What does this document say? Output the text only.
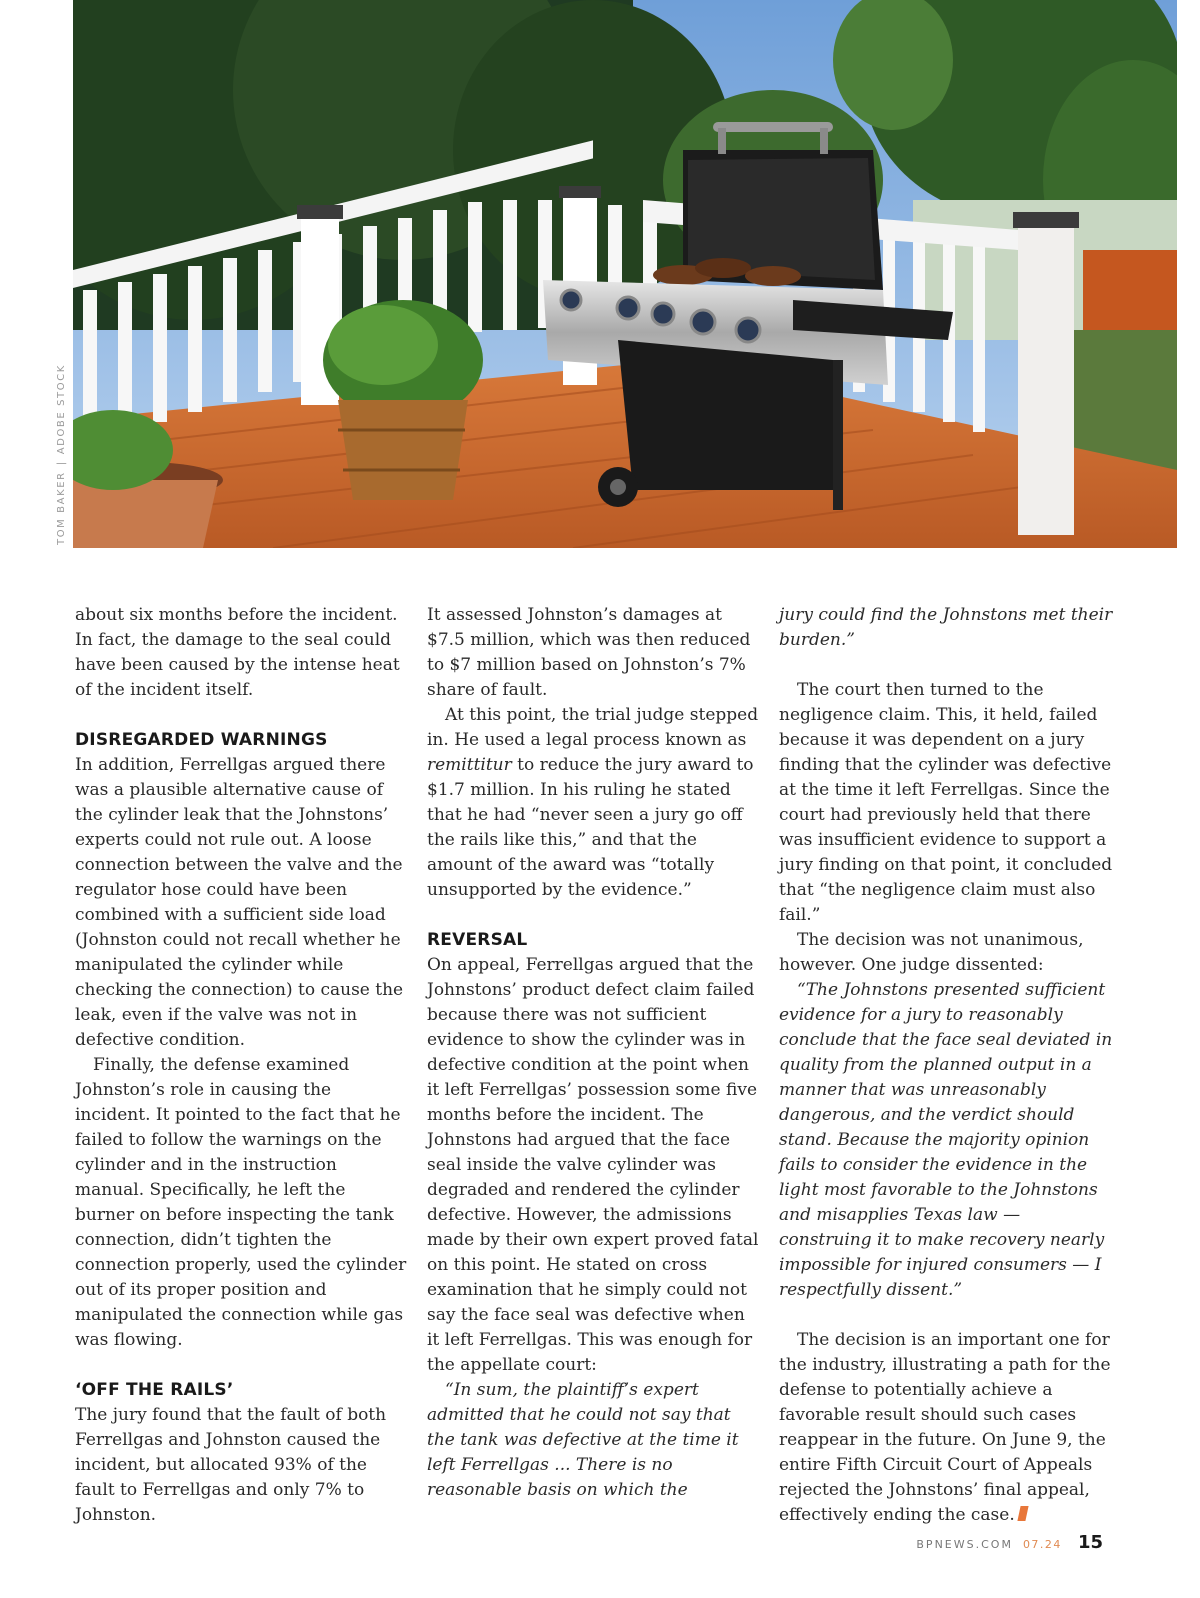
TOM BAKER|ADOBE STOCK

about six months before the incident. In fact, the damage to the seal could have been caused by the intense heat of the incident itself.

DISREGARDED WARNINGS

In addition, Ferrellgas argued there was a plausible alternative cause of the cylinder leak that the Johnstons’ experts could not rule out. A loose connection between the valve and the regulator hose could have been combined with a sufficient side load (Johnston could not recall whether he manipulated the cylinder while checking the connection) to cause the leak, even if the valve was not in defective condition.

Finally, the defense examined Johnston’s role in causing the incident. It pointed to the fact that he failed to follow the warnings on the cylinder and in the instruction manual. Specifically, he left the burner on before inspecting the tank connection, didn’t tighten the connection properly, used the cylinder out of its proper position and manipulated the connection while gas was flowing.

‘OFF THE RAILS’

The jury found that the fault of both Ferrellgas and Johnston caused the incident, but allocated 93% of the fault to Ferrellgas and only 7% to Johnston.

It assessed Johnston’s damages at $7.5 million, which was then reduced to $7 million based on Johnston’s 7% share of fault.

At this point, the trial judge stepped in. He used a legal process known as remittitur to reduce the jury award to $1.7 million. In his ruling he stated that he had “never seen a jury go off the rails like this,” and that the amount of the award was “totally unsupported by the evidence.”

REVERSAL

On appeal, Ferrellgas argued that the Johnstons’ product defect claim failed because there was not sufficient evidence to show the cylinder was in defective condition at the point when it left Ferrellgas’ possession some five months before the incident. The Johnstons had argued that the face seal inside the valve cylinder was degraded and rendered the cylinder defective. However, the admissions made by their own expert proved fatal on this point. He stated on cross examination that he simply could not say the face seal was defective when it left Ferrellgas. This was enough for the appellate court:

“In sum, the plaintiff’s expert admitted that he could not say that the tank was defective at the time it left Ferrellgas ... There is no reasonable basis on which the

jury could find the Johnstons met their burden.”

The court then turned to the negligence claim. This, it held, failed because it was dependent on a jury finding that the cylinder was defective at the time it left Ferrellgas. Since the court had previously held that there was insufficient evidence to support a jury finding on that point, it concluded that “the negligence claim must also fail.”

The decision was not unanimous, however. One judge dissented:

“The Johnstons presented sufficient evidence for a jury to reasonably conclude that the face seal deviated in quality from the planned output in a manner that was unreasonably dangerous, and the verdict should stand. Because the majority opinion fails to consider the evidence in the light most favorable to the Johnstons and misapplies Texas law — construing it to make recovery nearly impossible for injured consumers — I respectfully dissent.”

The decision is an important one for the industry, illustrating a path for the defense to potentially achieve a favorable result should such cases reappear in the future. On June 9, the entire Fifth Circuit Court of Appeals rejected the Johnstons’ final appeal, effectively ending the case.

BPNEWS.COM 07.24 15
